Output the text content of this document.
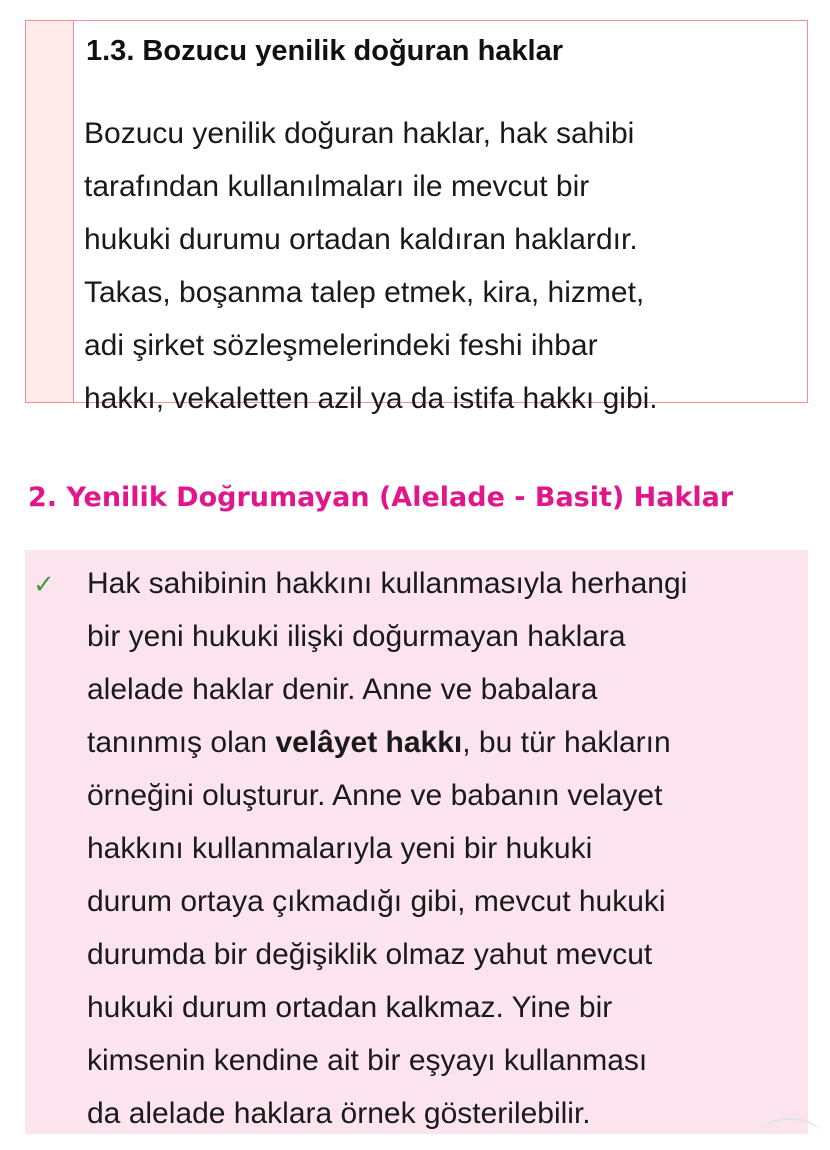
1.3. Bozucu yenilik doğuran haklar

Bozucu yenilik doğuran haklar, hak sahibi
tarafından kullanılmaları ile mevcut bir
hukuki durumu ortadan kaldıran haklardır.
Takas, boşanma talep etmek, kira, hizmet,
adi şirket sözleşmelerindeki feshi ihbar
hakkı, vekaletten azil ya da istifa hakkı gibi.

2. Yenilik Doğrumayan (Alelade - Basit) Haklar
✓ Hak sahibinin hakkını kullanmasıyla herhangi
bir yeni hukuki ilişki doğurmayan haklara
alelade haklar denir. Anne ve babalara
tanınmış olan velâyet hakkı, bu tür hakların
örneğini oluşturur. Anne ve babanın velayet
hakkını kullanmalarıyla yeni bir hukuki
durum ortaya çıkmadığı gibi, mevcut hukuki
durumda bir değişiklik olmaz yahut mevcut
hukuki durum ortadan kalkmaz. Yine bir
kimsenin kendine ait bir eşyayı kullanması
da alelade haklara örnek gösterilebilir.
